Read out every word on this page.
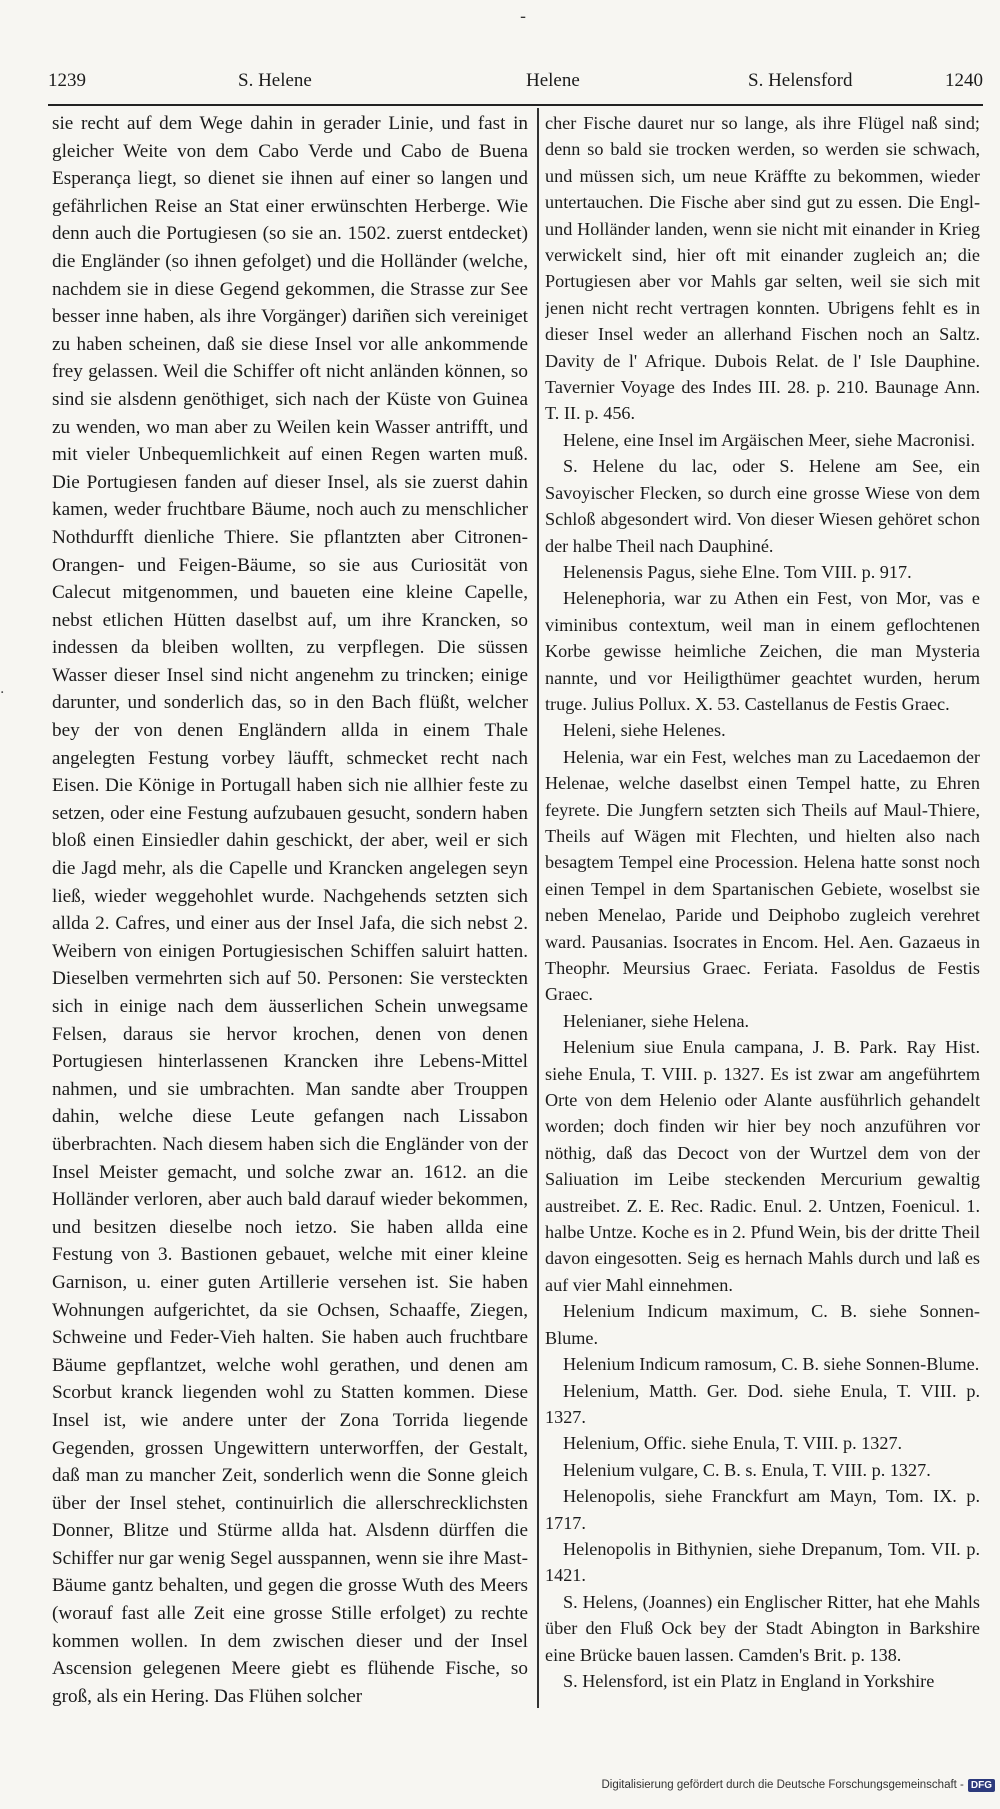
-
·
1239	S. Helene	Helene	S. Helensford	1240

sie recht auf dem Wege dahin in gerader Linie, und fast in gleicher Weite von dem Cabo Verde und Cabo de Buena Esperança liegt, so dienet sie ihnen auf einer so langen und gefährlichen Reise an Stat einer erwünschten Herberge. Wie denn auch die Portugiesen (so sie an. 1502. zuerst entdecket) die Engländer (so ihnen gefolget) und die Holländer (welche, nachdem sie in diese Gegend gekommen, die Strasse zur See besser inne haben, als ihre Vorgänger) dariñen sich vereiniget zu haben scheinen, daß sie diese Insel vor alle ankommende frey gelassen. Weil die Schiffer oft nicht anländen können, so sind sie alsdenn genöthiget, sich nach der Küste von Guinea zu wenden, wo man aber zu Weilen kein Wasser antrifft, und mit vieler Unbequemlichkeit auf einen Regen warten muß. Die Portugiesen fanden auf dieser Insel, als sie zuerst dahin kamen, weder fruchtbare Bäume, noch auch zu menschlicher Nothdurfft dienliche Thiere. Sie pflantzten aber Citronen-Orangen- und Feigen-Bäume, so sie aus Curiosität von Calecut mitgenommen, und baueten eine kleine Capelle, nebst etlichen Hütten daselbst auf, um ihre Krancken, so indessen da bleiben wollten, zu verpflegen. Die süssen Wasser dieser Insel sind nicht angenehm zu trincken; einige darunter, und sonderlich das, so in den Bach flüßt, welcher bey der von denen Engländern allda in einem Thale angelegten Festung vorbey läufft, schmecket recht nach Eisen. Die Könige in Portugall haben sich nie allhier feste zu setzen, oder eine Festung aufzubauen gesucht, sondern haben bloß einen Einsiedler dahin geschickt, der aber, weil er sich die Jagd mehr, als die Capelle und Krancken angelegen seyn ließ, wieder weggehohlet wurde. Nachgehends setzten sich allda 2. Cafres, und einer aus der Insel Jafa, die sich nebst 2. Weibern von einigen Portugiesischen Schiffen saluirt hatten. Dieselben vermehrten sich auf 50. Personen: Sie versteckten sich in einige nach dem äusserlichen Schein unwegsame Felsen, daraus sie hervor krochen, denen von denen Portugiesen hinterlassenen Krancken ihre Lebens-Mittel nahmen, und sie umbrachten. Man sandte aber Trouppen dahin, welche diese Leute gefangen nach Lissabon überbrachten. Nach diesem haben sich die Engländer von der Insel Meister gemacht, und solche zwar an. 1612. an die Holländer verloren, aber auch bald darauf wieder bekommen, und besitzen dieselbe noch ietzo. Sie haben allda eine Festung von 3. Bastionen gebauet, welche mit einer kleine Garnison, u. einer guten Artillerie versehen ist. Sie haben Wohnungen aufgerichtet, da sie Ochsen, Schaaffe, Ziegen, Schweine und Feder-Vieh halten. Sie haben auch fruchtbare Bäume gepflantzet, welche wohl gerathen, und denen am Scorbut kranck liegenden wohl zu Statten kommen. Diese Insel ist, wie andere unter der Zona Torrida liegende Gegenden, grossen Ungewittern unterworffen, der Gestalt, daß man zu mancher Zeit, sonderlich wenn die Sonne gleich über der Insel stehet, continuirlich die allerschrecklichsten Donner, Blitze und Stürme allda hat. Alsdenn dürffen die Schiffer nur gar wenig Segel ausspannen, wenn sie ihre Mast-Bäume gantz behalten, und gegen die grosse Wuth des Meers (worauf fast alle Zeit eine grosse Stille erfolget) zu rechte kommen wollen. In dem zwischen dieser und der Insel Ascension gelegenen Meere giebt es flühende Fische, so groß, als ein Hering. Das Flühen solcher

cher Fische dauret nur so lange, als ihre Flügel naß sind; denn so bald sie trocken werden, so werden sie schwach, und müssen sich, um neue Kräffte zu bekommen, wieder untertauchen. Die Fische aber sind gut zu essen. Die Engl- und Holländer landen, wenn sie nicht mit einander in Krieg verwickelt sind, hier oft mit einander zugleich an; die Portugiesen aber vor Mahls gar selten, weil sie sich mit jenen nicht recht vertragen konnten. Ubrigens fehlt es in dieser Insel weder an allerhand Fischen noch an Saltz. Davity de l' Afrique. Dubois Relat. de l' Isle Dauphine. Tavernier Voyage des Indes III. 28. p. 210. Baunage Ann. T. II. p. 456.

Helene, eine Insel im Argäischen Meer, siehe Macronisi.

S. Helene du lac, oder S. Helene am See, ein Savoyischer Flecken, so durch eine grosse Wiese von dem Schloß abgesondert wird. Von dieser Wiesen gehöret schon der halbe Theil nach Dauphiné.

Helenensis Pagus, siehe Elne. Tom VIII. p. 917.

Helenephoria, war zu Athen ein Fest, von Mor, vas e viminibus contextum, weil man in einem geflochtenen Korbe gewisse heimliche Zeichen, die man Mysteria nannte, und vor Heiligthümer geachtet wurden, herum truge. Julius Pollux. X. 53. Castellanus de Festis Graec.

Heleni, siehe Helenes.

Helenia, war ein Fest, welches man zu Lacedaemon der Helenae, welche daselbst einen Tempel hatte, zu Ehren feyrete. Die Jungfern setzten sich Theils auf Maul-Thiere, Theils auf Wägen mit Flechten, und hielten also nach besagtem Tempel eine Procession. Helena hatte sonst noch einen Tempel in dem Spartanischen Gebiete, woselbst sie neben Menelao, Paride und Deiphobo zugleich verehret ward. Pausanias. Isocrates in Encom. Hel. Aen. Gazaeus in Theophr. Meursius Graec. Feriata. Fasoldus de Festis Graec.

Helenianer, siehe Helena.

Helenium siue Enula campana, J. B. Park. Ray Hist. siehe Enula, T. VIII. p. 1327. Es ist zwar am angeführtem Orte von dem Helenio oder Alante ausführlich gehandelt worden; doch finden wir hier bey noch anzuführen vor nöthig, daß das Decoct von der Wurtzel dem von der Saliuation im Leibe steckenden Mercurium gewaltig austreibet. Z. E. Rec. Radic. Enul. 2. Untzen, Foenicul. 1. halbe Untze. Koche es in 2. Pfund Wein, bis der dritte Theil davon eingesotten. Seig es hernach Mahls durch und laß es auf vier Mahl einnehmen.

Helenium Indicum maximum, C. B. siehe Sonnen-Blume.

Helenium Indicum ramosum, C. B. siehe Sonnen-Blume.

Helenium, Matth. Ger. Dod. siehe Enula, T. VIII. p. 1327.

Helenium, Offic. siehe Enula, T. VIII. p. 1327.

Helenium vulgare, C. B. s. Enula, T. VIII. p. 1327.

Helenopolis, siehe Franckfurt am Mayn, Tom. IX. p. 1717.

Helenopolis in Bithynien, siehe Drepanum, Tom. VII. p. 1421.

S. Helens, (Joannes) ein Englischer Ritter, hat ehe Mahls über den Fluß Ock bey der Stadt Abington in Barkshire eine Brücke bauen lassen. Camden's Brit. p. 138.

S. Helensford, ist ein Platz in England in Yorkshire

Digitalisierung gefördert durch die Deutsche Forschungsgemeinschaft - DFG
